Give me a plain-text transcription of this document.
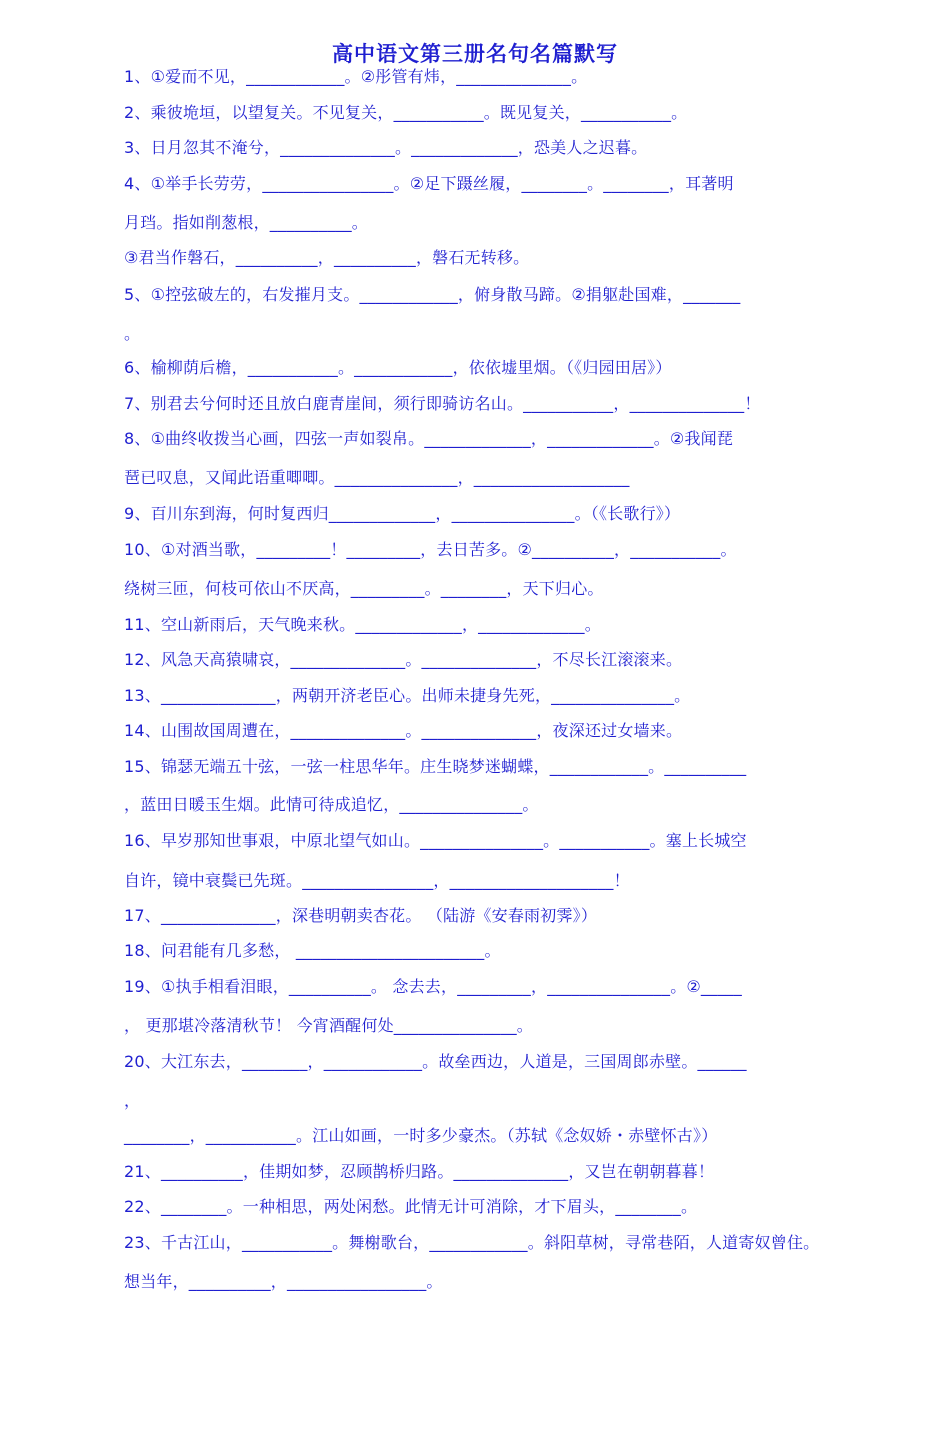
高中语文第三册名句名篇默写
1、①爱而不见，____________。②彤管有炜，______________。
2、乘彼垝垣，以望复关。不见复关，___________。既见复关，___________。
3、日月忽其不淹兮，______________。_____________，恐美人之迟暮。
4、①举手长劳劳，________________。②足下蹑丝履，________。________，耳著明
月珰。指如削葱根，__________。
③君当作磐石，__________，__________，磐石无转移。
5、①控弦破左的，右发摧月支。____________，俯身散马蹄。②捐躯赴国难，_______
。
6、榆柳荫后檐，___________。____________，依依墟里烟。（《归园田居》）
7、别君去兮何时还且放白鹿青崖间，须行即骑访名山。___________，______________！
8、①曲终收拨当心画，四弦一声如裂帛。_____________，_____________。②我闻琵
琶已叹息，又闻此语重唧唧。_______________，___________________
9、百川东到海，何时复西归_____________，_______________。（《长歌行》）
10、①对酒当歌，_________！_________，去日苦多。②__________，___________。
绕树三匝，何枝可依山不厌高，_________。________，天下归心。
11、空山新雨后，天气晚来秋。_____________，_____________。
12、风急天高猿啸哀，______________。______________，不尽长江滚滚来。
13、______________，两朝开济老臣心。出师未捷身先死，_______________。
14、山围故国周遭在，______________。______________，夜深还过女墙来。
15、锦瑟无端五十弦，一弦一柱思华年。庄生晓梦迷蝴蝶，____________。__________
，蓝田日暖玉生烟。此情可待成追忆，_______________。
16、早岁那知世事艰，中原北望气如山。_______________。___________。塞上长城空
自许，镜中衰鬓已先斑。________________，____________________！
17、______________，深巷明朝卖杏花。 （陆游《安春雨初霁》）
18、问君能有几多愁， _______________________。
19、①执手相看泪眼，__________。 念去去，_________，_______________。②_____
， 更那堪冷落清秋节！ 今宵酒醒何处_______________。
20、大江东去，________，____________。故垒西边，人道是，三国周郎赤壁。______
，
________，___________。江山如画，一时多少豪杰。（苏轼《念奴娇・赤壁怀古》）
21、__________，佳期如梦，忍顾鹊桥归路。______________，又岂在朝朝暮暮！
22、________。一种相思，两处闲愁。此情无计可消除，才下眉头，________。
23、千古江山，___________。舞榭歌台，____________。斜阳草树，寻常巷陌，人道寄奴曾住。
想当年，__________，_________________。
